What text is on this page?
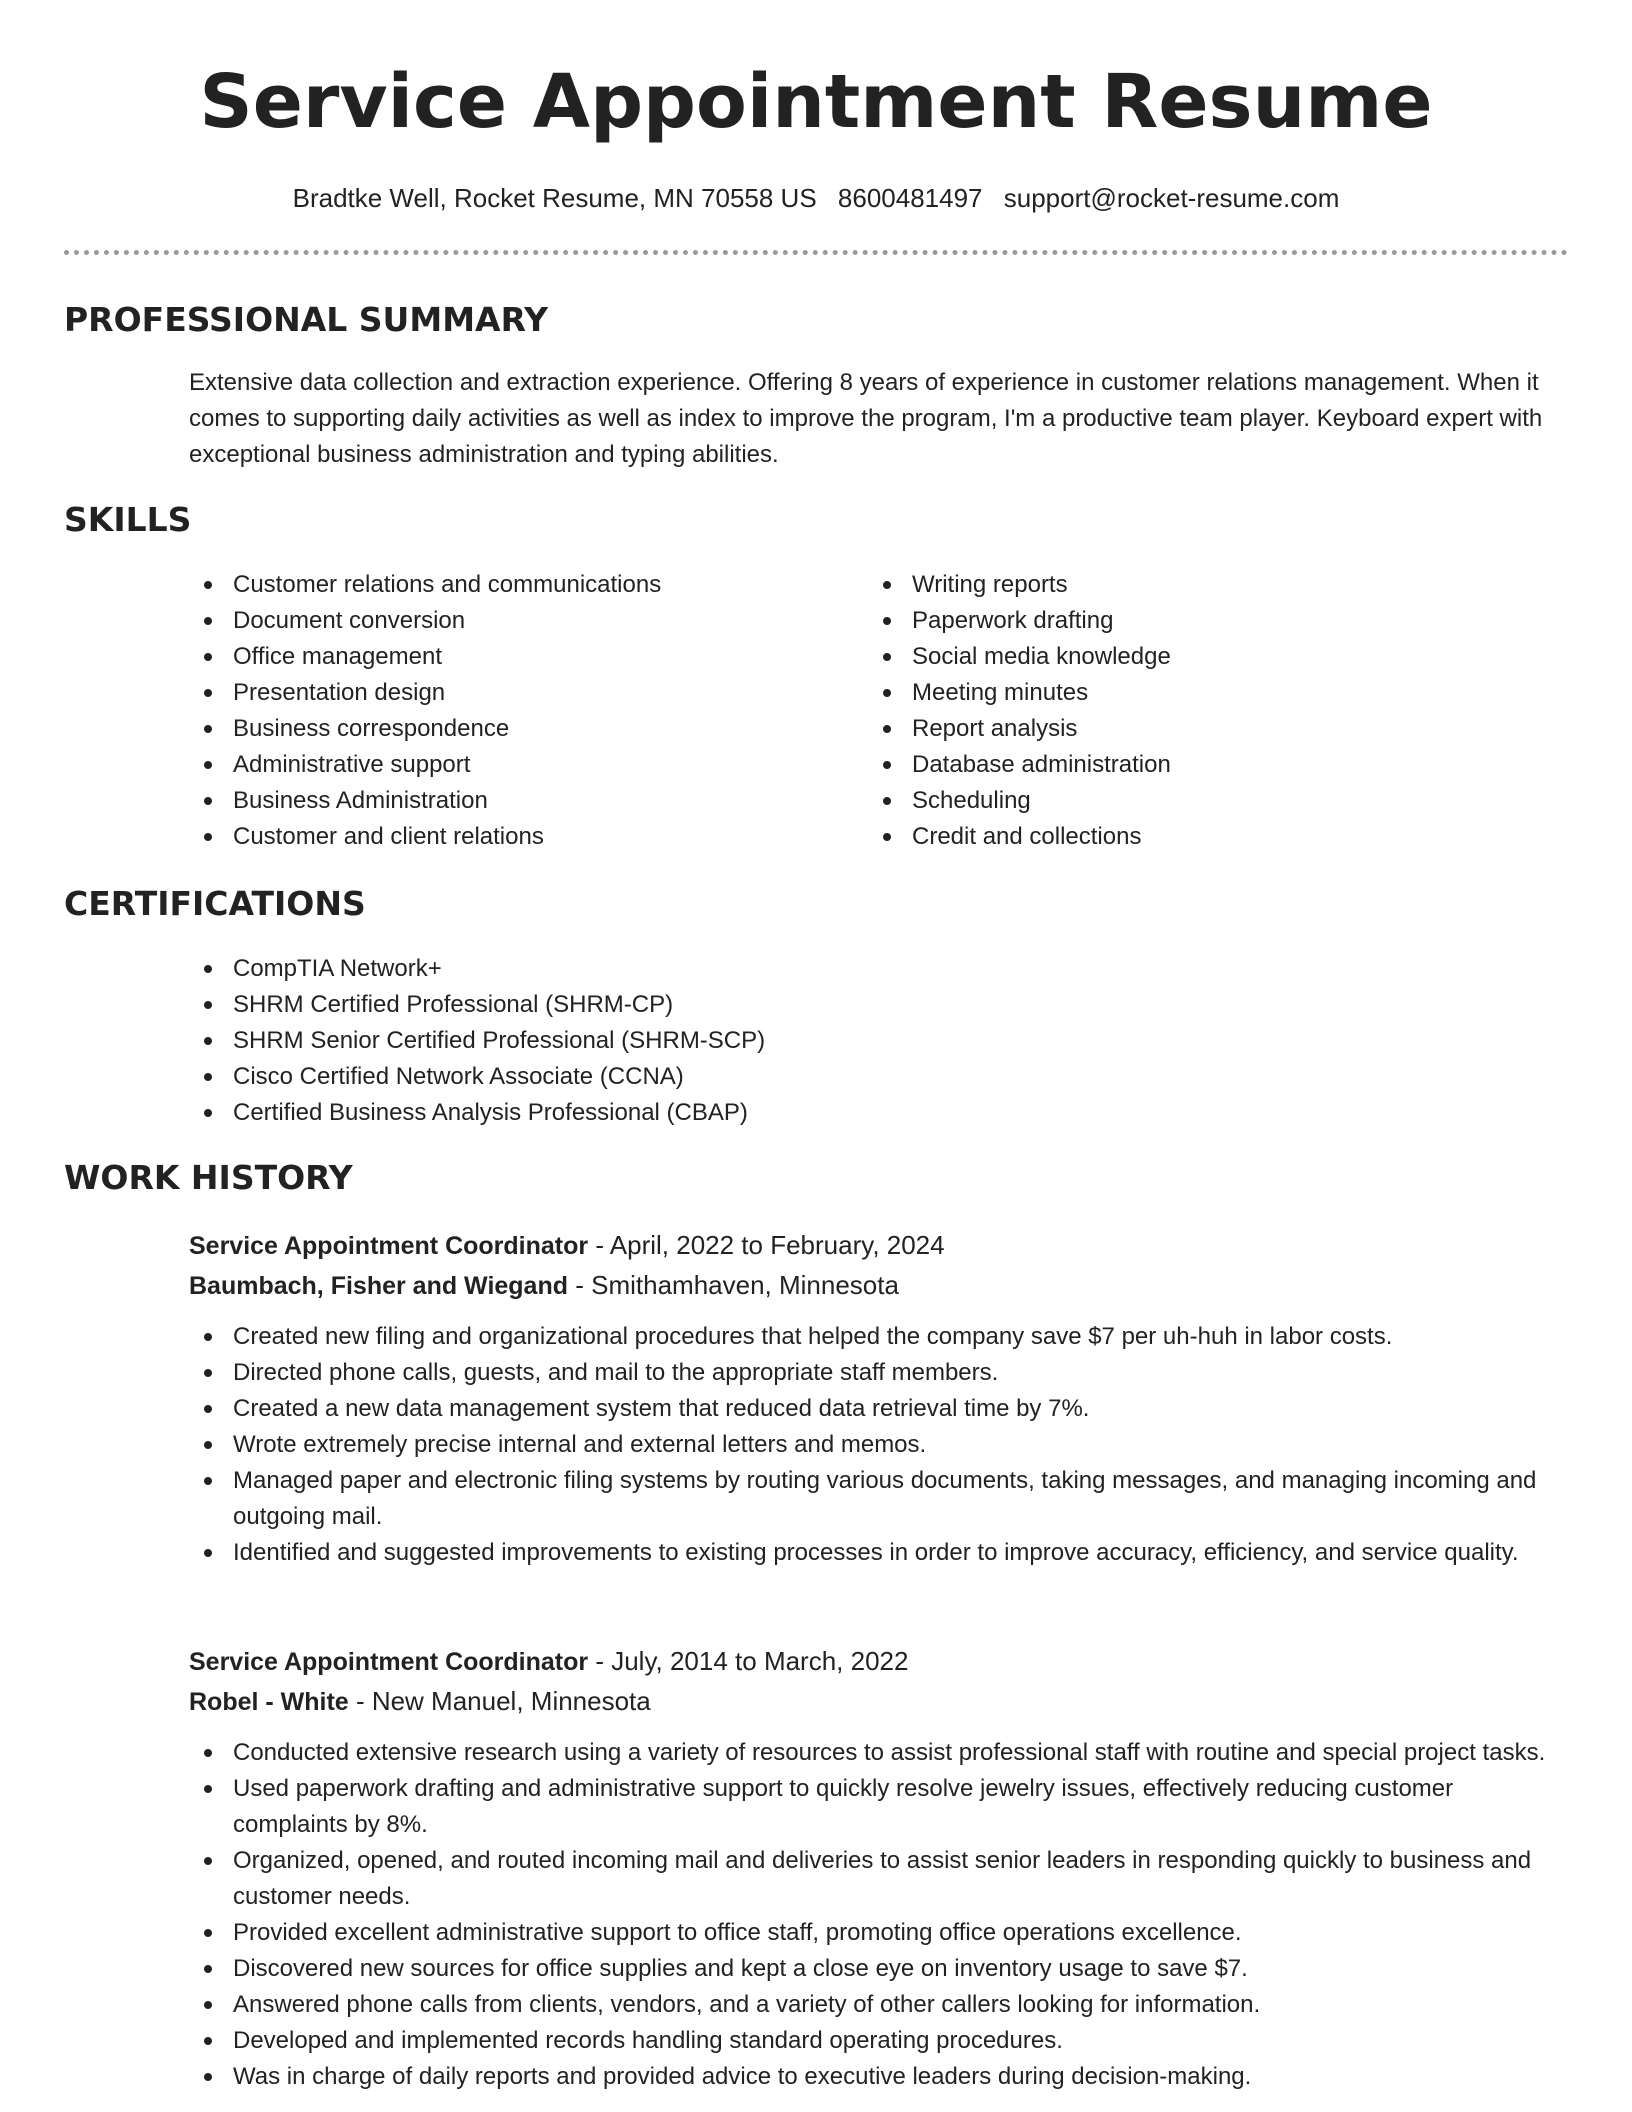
Service Appointment Resume
Bradtke Well, Rocket Resume, MN 70558 US 8600481497 support@rocket-resume.com
PROFESSIONAL SUMMARY

Extensive data collection and extraction experience. Offering 8 years of experience in customer relations management. When it comes to supporting daily activities as well as index to improve the program, I'm a productive team player. Keyboard expert with exceptional business administration and typing abilities.

SKILLS
Customer relations and communications
Document conversion
Office management
Presentation design
Business correspondence
Administrative support
Business Administration
Customer and client relations
Writing reports
Paperwork drafting
Social media knowledge
Meeting minutes
Report analysis
Database administration
Scheduling
Credit and collections
CERTIFICATIONS
CompTIA Network+
SHRM Certified Professional (SHRM-CP)
SHRM Senior Certified Professional (SHRM-SCP)
Cisco Certified Network Associate (CCNA)
Certified Business Analysis Professional (CBAP)
WORK HISTORY
Service Appointment Coordinator - April, 2022 to February, 2024
Baumbach, Fisher and Wiegand - Smithamhaven, Minnesota
Created new filing and organizational procedures that helped the company save $7 per uh-huh in labor costs.
Directed phone calls, guests, and mail to the appropriate staff members.
Created a new data management system that reduced data retrieval time by 7%.
Wrote extremely precise internal and external letters and memos.
Managed paper and electronic filing systems by routing various documents, taking messages, and managing incoming and outgoing mail.
Identified and suggested improvements to existing processes in order to improve accuracy, efficiency, and service quality.
Service Appointment Coordinator - July, 2014 to March, 2022
Robel - White - New Manuel, Minnesota
Conducted extensive research using a variety of resources to assist professional staff with routine and special project tasks.
Used paperwork drafting and administrative support to quickly resolve jewelry issues, effectively reducing customer complaints by 8%.
Organized, opened, and routed incoming mail and deliveries to assist senior leaders in responding quickly to business and customer needs.
Provided excellent administrative support to office staff, promoting office operations excellence.
Discovered new sources for office supplies and kept a close eye on inventory usage to save $7.
Answered phone calls from clients, vendors, and a variety of other callers looking for information.
Developed and implemented records handling standard operating procedures.
Was in charge of daily reports and provided advice to executive leaders during decision-making.
